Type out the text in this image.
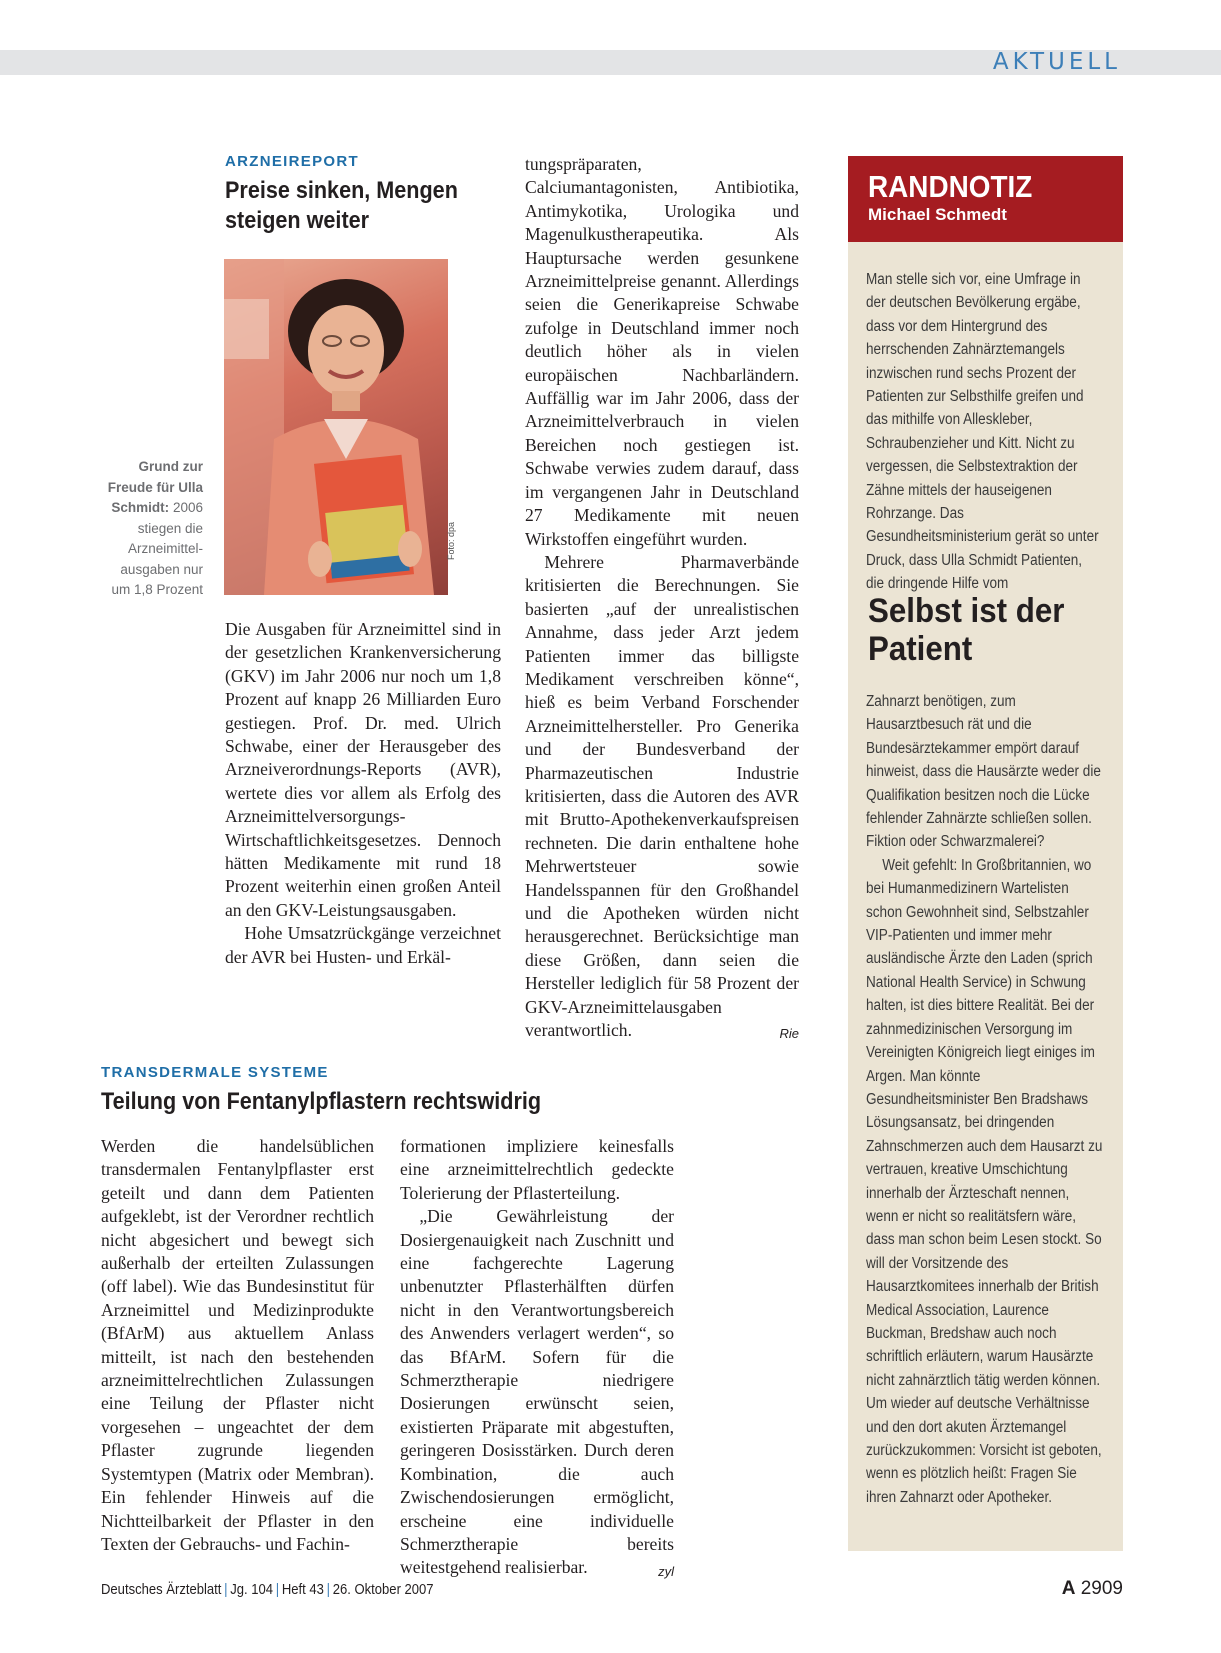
AKTUELL
ARZNEIREPORT
Preise sinken, Mengen
steigen weiter
Foto: dpa
Grund zur Freude für Ulla Schmidt: 2006 stiegen die Arzneimittelausgaben nur um 1,8 Prozent

Die Ausgaben für Arzneimittel sind in der gesetzlichen Krankenversicherung (GKV) im Jahr 2006 nur noch um 1,8 Prozent auf knapp 26 Milliarden Euro gestiegen. Prof. Dr. med. Ulrich Schwabe, einer der Herausgeber des Arzneiverordnungs-Reports (AVR), wertete dies vor allem als Erfolg des Arzneimittelversorgungs-Wirtschaftlichkeitsgesetzes. Dennoch hätten Medikamente mit rund 18 Prozent weiterhin einen großen Anteil an den GKV-Leistungsausgaben.

Hohe Umsatzrückgänge verzeichnet der AVR bei Husten- und Erkäl-

tungspräparaten, Calciumantagonisten, Antibiotika, Antimykotika, Urologika und Magenulkustherapeutika. Als Hauptursache werden gesunkene Arzneimittelpreise genannt. Allerdings seien die Generikapreise Schwabe zufolge in Deutschland immer noch deutlich höher als in vielen europäischen Nachbarländern. Auffällig war im Jahr 2006, dass der Arzneimittelverbrauch in vielen Bereichen noch gestiegen ist. Schwabe verwies zudem darauf, dass im vergangenen Jahr in Deutschland 27 Medikamente mit neuen Wirkstoffen eingeführt wurden.

Mehrere Pharmaverbände kritisierten die Berechnungen. Sie basierten „auf der unrealistischen Annahme, dass jeder Arzt jedem Patienten immer das billigste Medikament verschreiben könne“, hieß es beim Verband Forschender Arzneimittelhersteller. Pro Generika und der Bundesverband der Pharmazeutischen Industrie kritisierten, dass die Autoren des AVR mit Brutto-Apothekenverkaufspreisen rechneten. Die darin enthaltene hohe Mehrwertsteuer sowie Handelsspannen für den Großhandel und die Apotheken würden nicht herausgerechnet. Berücksichtige man diese Größen, dann seien die Hersteller lediglich für 58 Prozent der GKV-Arzneimittelausgaben verantwortlich.	Rie
TRANSDERMALE SYSTEME
Teilung von Fentanylpflastern rechtswidrig

Werden die handelsüblichen transdermalen Fentanylpflaster erst geteilt und dann dem Patienten aufgeklebt, ist der Verordner rechtlich nicht abgesichert und bewegt sich außerhalb der erteilten Zulassungen (off label). Wie das Bundesinstitut für Arzneimittel und Medizinprodukte (BfArM) aus aktuellem Anlass mitteilt, ist nach den bestehenden arzneimittelrechtlichen Zulassungen eine Teilung der Pflaster nicht vorgesehen – ungeachtet der dem Pflaster zugrunde liegenden Systemtypen (Matrix oder Membran). Ein fehlender Hinweis auf die Nichtteilbarkeit der Pflaster in den Texten der Gebrauchs- und Fachin-

formationen impliziere keinesfalls eine arzneimittelrechtlich gedeckte Tolerierung der Pflasterteilung.

„Die Gewährleistung der Dosiergenauigkeit nach Zuschnitt und eine fachgerechte Lagerung unbenutzter Pflasterhälften dürfen nicht in den Verantwortungsbereich des Anwenders verlagert werden“, so das BfArM. Sofern für die Schmerztherapie niedrigere Dosierungen erwünscht seien, existierten Präparate mit abgestuften, geringeren Dosisstärken. Durch deren Kombination, die auch Zwischendosierungen ermöglicht, erscheine eine individuelle Schmerztherapie bereits weitestgehend realisierbar.	zyl
RANDNOTIZ
Michael Schmedt

Man stelle sich vor, eine Umfrage in der deutschen Bevölkerung ergäbe, dass vor dem Hintergrund des herrschenden Zahnärztemangels inzwischen rund sechs Prozent der Patienten zur Selbsthilfe greifen und das mithilfe von Alleskleber, Schraubenzieher und Kitt. Nicht zu vergessen, die Selbstextraktion der Zähne mittels der hauseigenen Rohrzange. Das Gesundheitsministerium gerät so unter Druck, dass Ulla Schmidt Patienten, die dringende Hilfe vom

Selbst ist der
Patient

Zahnarzt benötigen, zum Hausarztbesuch rät und die Bundesärztekammer empört darauf hinweist, dass die Hausärzte weder die Qualifikation besitzen noch die Lücke fehlender Zahnärzte schließen sollen. Fiktion oder Schwarzmalerei?

Weit gefehlt: In Großbritannien, wo bei Humanmedizinern Wartelisten schon Gewohnheit sind, Selbstzahler VIP-Patienten und immer mehr ausländische Ärzte den Laden (sprich National Health Service) in Schwung halten, ist dies bittere Realität. Bei der zahnmedizinischen Versorgung im Vereinigten Königreich liegt einiges im Argen. Man könnte Gesundheitsminister Ben Bradshaws Lösungsansatz, bei dringenden Zahnschmerzen auch dem Hausarzt zu vertrauen, kreative Umschichtung innerhalb der Ärzteschaft nennen, wenn er nicht so realitätsfern wäre, dass man schon beim Lesen stockt. So will der Vorsitzende des Hausarztkomitees innerhalb der British Medical Association, Laurence Buckman, Bredshaw auch noch schriftlich erläutern, warum Hausärzte nicht zahnärztlich tätig werden können. Um wieder auf deutsche Verhältnisse und den dort akuten Ärztemangel zurückzukommen: Vorsicht ist geboten, wenn es plötzlich heißt: Fragen Sie ihren Zahnarzt oder Apotheker.

Deutsches Ärzteblatt | Jg. 104 | Heft 43 | 26. Oktober 2007	A 2909
